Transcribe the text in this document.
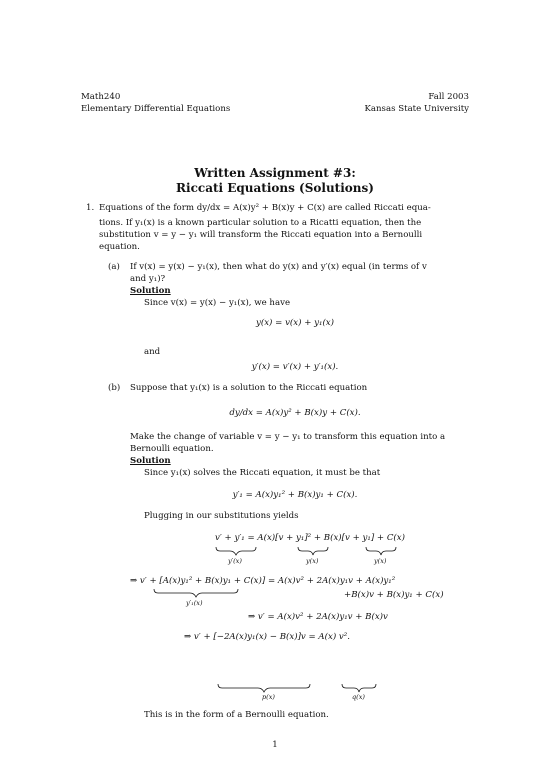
Math240
Elementary Differential Equations
Fall 2003
Kansas State University
Written Assignment #3:
Riccati Equations (Solutions)
1. Equations of the form dy/dx = A(x)y² + B(x)y + C(x) are called Riccati equa-
tions. If y₁(x) is a known particular solution to a Ricatti equation, then the
substitution v = y − y₁ will transform the Riccati equation into a Bernoulli
equation.
(a) If v(x) = y(x) − y₁(x), then what do y(x) and y′(x) equal (in terms of v
and y₁)?
Solution
Since v(x) = y(x) − y₁(x), we have
y(x) = v(x) + y₁(x)
and
y′(x) = v′(x) + y′₁(x).
(b) Suppose that y₁(x) is a solution to the Riccati equation
dy/dx = A(x)y² + B(x)y + C(x).
Make the change of variable v = y − y₁ to transform this equation into a
Bernoulli equation.
Solution
Since y₁(x) solves the Riccati equation, it must be that
y′₁ = A(x)y₁² + B(x)y₁ + C(x).
Plugging in our substitutions yields
v′ + y′₁ = A(x)[v + y₁]² + B(x)[v + y₁] + C(x)
y′(x)	y(x)	y(x)
⇒ v′ + [A(x)y₁² + B(x)y₁ + C(x)] = A(x)v² + 2A(x)y₁v + A(x)y₁²
y′₁(x)
+B(x)v + B(x)y₁ + C(x)
⇒ v′ = A(x)v² + 2A(x)y₁v + B(x)v
⇒ v′ + [−2A(x)y₁(x) − B(x)]v = A(x) v².
p(x)	q(x)
This is in the form of a Bernoulli equation.
1
